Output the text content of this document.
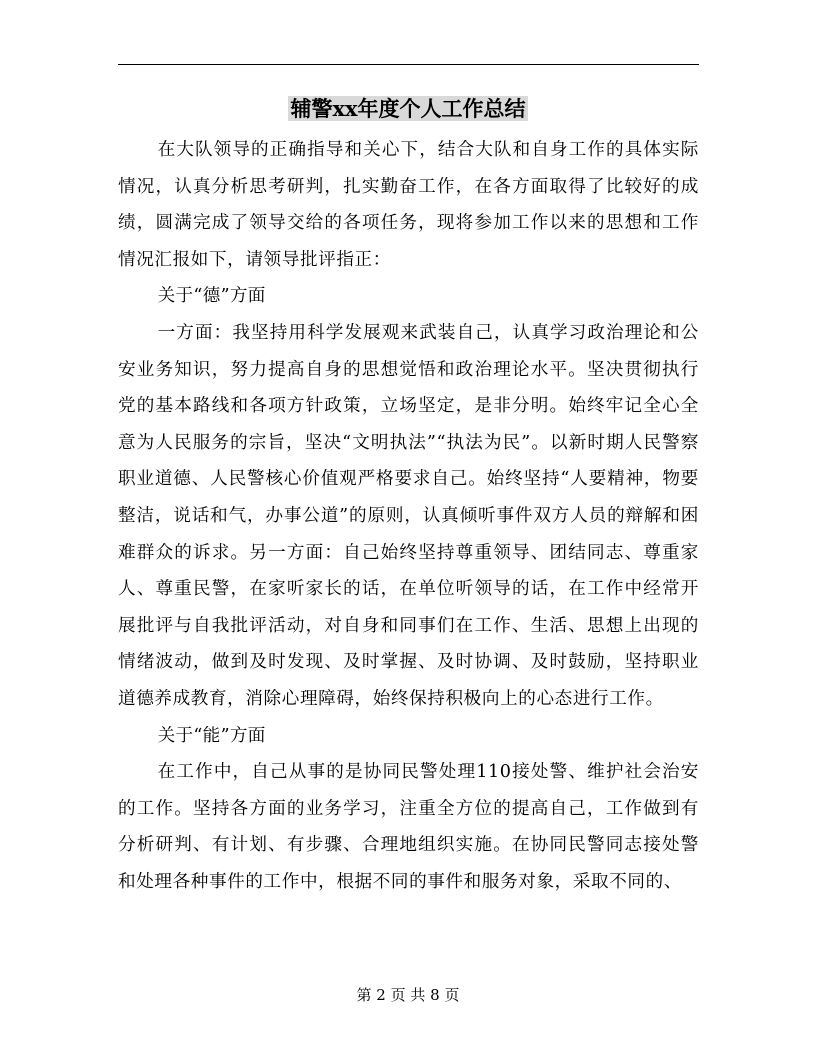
辅警xx年度个人工作总结

在大队领导的正确指导和关心下，结合大队和自身工作的具体实际情况，认真分析思考研判，扎实勤奋工作，在各方面取得了比较好的成绩，圆满完成了领导交给的各项任务，现将参加工作以来的思想和工作情况汇报如下，请领导批评指正：

关于“德”方面

一方面：我坚持用科学发展观来武装自己，认真学习政治理论和公安业务知识，努力提高自身的思想觉悟和政治理论水平。坚决贯彻执行党的基本路线和各项方针政策，立场坚定，是非分明。始终牢记全心全意为人民服务的宗旨，坚决“文明执法”“执法为民”。以新时期人民警察职业道德、人民警核心价值观严格要求自己。始终坚持“人要精神，物要整洁，说话和气，办事公道”的原则，认真倾听事件双方人员的辩解和困难群众的诉求。另一方面：自己始终坚持尊重领导、团结同志、尊重家人、尊重民警，在家听家长的话，在单位听领导的话，在工作中经常开展批评与自我批评活动，对自身和同事们在工作、生活、思想上出现的情绪波动，做到及时发现、及时掌握、及时协调、及时鼓励，坚持职业道德养成教育，消除心理障碍，始终保持积极向上的心态进行工作。

关于“能”方面

在工作中，自己从事的是协同民警处理110接处警、维护社会治安的工作。坚持各方面的业务学习，注重全方位的提高自己，工作做到有分析研判、有计划、有步骤、合理地组织实施。在协同民警同志接处警和处理各种事件的工作中，根据不同的事件和服务对象，采取不同的、

第 2 页 共 8 页
